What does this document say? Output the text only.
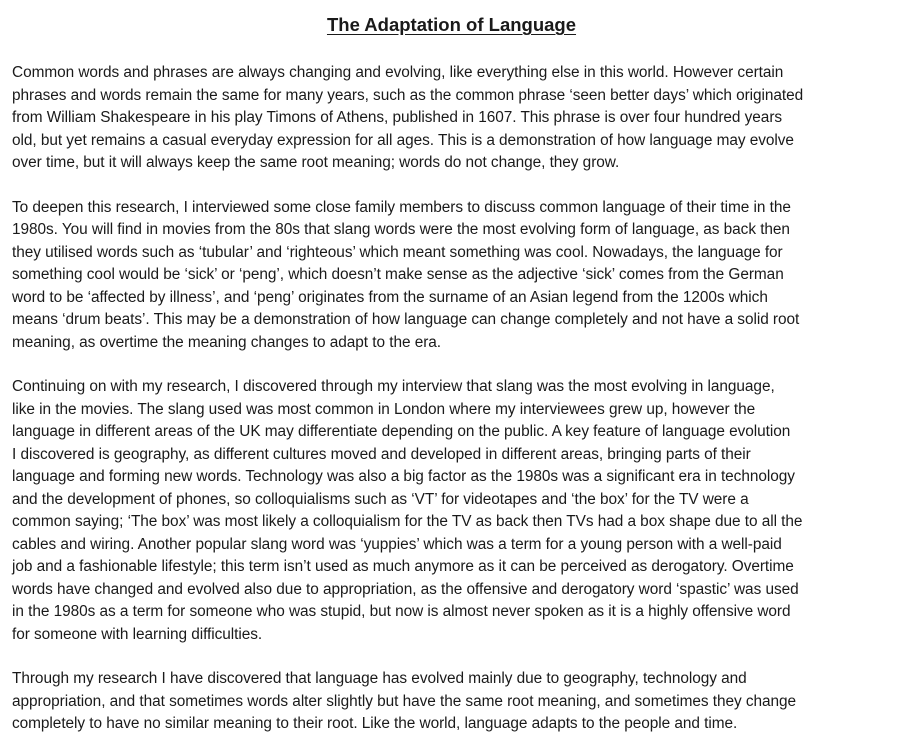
The Adaptation of Language

Common words and phrases are always changing and evolving, like everything else in this world. However certain
phrases and words remain the same for many years, such as the common phrase ‘seen better days’ which originated
from William Shakespeare in his play Timons of Athens, published in 1607. This phrase is over four hundred years
old, but yet remains a casual everyday expression for all ages. This is a demonstration of how language may evolve
over time, but it will always keep the same root meaning; words do not change, they grow.

To deepen this research, I interviewed some close family members to discuss common language of their time in the
1980s. You will find in movies from the 80s that slang words were the most evolving form of language, as back then
they utilised words such as ‘tubular’ and ‘righteous’ which meant something was cool. Nowadays, the language for
something cool would be ‘sick’ or ‘peng’, which doesn’t make sense as the adjective ‘sick’ comes from the German
word to be ‘affected by illness’, and ‘peng’ originates from the surname of an Asian legend from the 1200s which
means ‘drum beats’. This may be a demonstration of how language can change completely and not have a solid root
meaning, as overtime the meaning changes to adapt to the era.

Continuing on with my research, I discovered through my interview that slang was the most evolving in language,
like in the movies. The slang used was most common in London where my interviewees grew up, however the
language in different areas of the UK may differentiate depending on the public. A key feature of language evolution
I discovered is geography, as different cultures moved and developed in different areas, bringing parts of their
language and forming new words. Technology was also a big factor as the 1980s was a significant era in technology
and the development of phones, so colloquialisms such as ‘VT’ for videotapes and ‘the box’ for the TV were a
common saying; ‘The box’ was most likely a colloquialism for the TV as back then TVs had a box shape due to all the
cables and wiring. Another popular slang word was ‘yuppies’ which was a term for a young person with a well-paid
job and a fashionable lifestyle; this term isn’t used as much anymore as it can be perceived as derogatory. Overtime
words have changed and evolved also due to appropriation, as the offensive and derogatory word ‘spastic’ was used
in the 1980s as a term for someone who was stupid, but now is almost never spoken as it is a highly offensive word
for someone with learning difficulties.

Through my research I have discovered that language has evolved mainly due to geography, technology and
appropriation, and that sometimes words alter slightly but have the same root meaning, and sometimes they change
completely to have no similar meaning to their root. Like the world, language adapts to the people and time.
